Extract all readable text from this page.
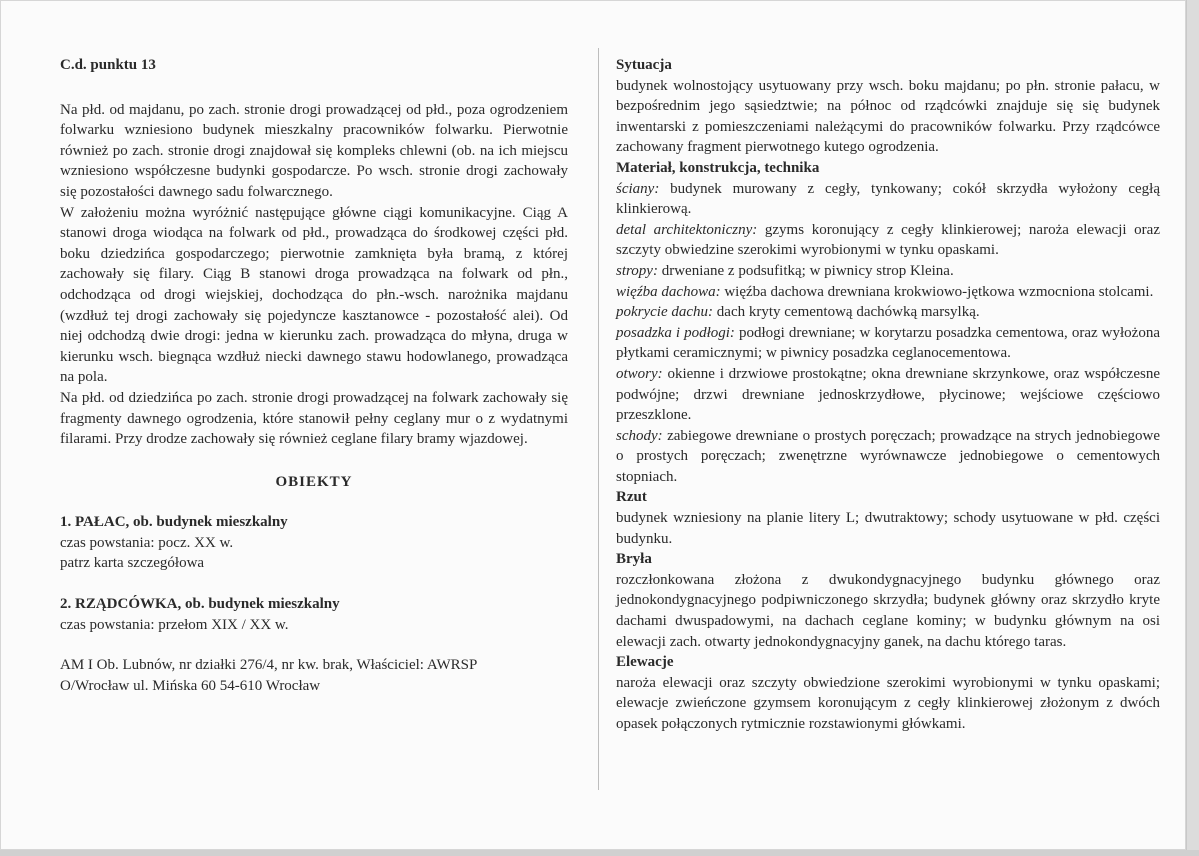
C.d. punktu 13

Na płd. od majdanu, po zach. stronie drogi prowadzącej od płd., poza ogrodzeniem folwarku wzniesiono budynek mieszkalny pracowników folwarku. Pierwotnie również po zach. stronie drogi znajdował się kompleks chlewni (ob. na ich miejscu wzniesiono współczesne budynki gospodarcze. Po wsch. stronie drogi zachowały się pozostałości dawnego sadu folwarcznego.

W założeniu można wyróżnić następujące główne ciągi komunikacyjne. Ciąg A stanowi droga wiodąca na folwark od płd., prowadząca do środkowej części płd. boku dziedzińca gospodarczego; pierwotnie zamknięta była bramą, z której zachowały się filary. Ciąg B stanowi droga prowadząca na folwark od płn., odchodząca od drogi wiejskiej, dochodząca do płn.-wsch. narożnika majdanu (wzdłuż tej drogi zachowały się pojedyncze kasztanowce - pozostałość alei). Od niej odchodzą dwie drogi: jedna w kierunku zach. prowadząca do młyna, druga w kierunku wsch. biegnąca wzdłuż niecki dawnego stawu hodowlanego, prowadząca na pola.

Na płd. od dziedzińca po zach. stronie drogi prowadzącej na folwark zachowały się fragmenty dawnego ogrodzenia, które stanowił pełny ceglany mur o z wydatnymi filarami. Przy drodze zachowały się również ceglane filary bramy wjazdowej.

OBIEKTY

1. PAŁAC, ob. budynek mieszkalny

czas powstania: pocz. XX w.

patrz karta szczegółowa

2. RZĄDCÓWKA, ob. budynek mieszkalny

czas powstania: przełom XIX / XX w.

AM I Ob. Lubnów, nr działki 276/4, nr kw. brak, Właściciel: AWRSP

O/Wrocław ul. Mińska 60 54-610 Wrocław

Sytuacja

budynek wolnostojący usytuowany przy wsch. boku majdanu; po płn. stronie pałacu, w bezpośrednim jego sąsiedztwie; na północ od rządcówki znajduje się się budynek inwentarski z pomieszczeniami należącymi do pracowników folwarku. Przy rządcówce zachowany fragment pierwotnego kutego ogrodzenia.

Materiał, konstrukcja, technika

ściany: budynek murowany z cegły, tynkowany; cokół skrzydła wyłożony cegłą klinkierową.

detal architektoniczny: gzyms koronujący z cegły klinkierowej; naroża elewacji oraz szczyty obwiedzine szerokimi wyrobionymi w tynku opaskami.

stropy: drweniane z podsufitką; w piwnicy strop Kleina.

więźba dachowa: więźba dachowa drewniana krokwiowo-jętkowa wzmocniona stolcami.

pokrycie dachu: dach kryty cementową dachówką marsylką.

posadzka i podłogi: podłogi drewniane; w korytarzu posadzka cementowa, oraz wyłożona płytkami ceramicznymi; w piwnicy posadzka ceglanocementowa.

otwory: okienne i drzwiowe prostokątne; okna drewniane skrzynkowe, oraz współczesne podwójne; drzwi drewniane jednoskrzydłowe, płycinowe; wejściowe częściowo przeszklone.

schody: zabiegowe drewniane o prostych poręczach; prowadzące na strych jednobiegowe o prostych poręczach; zwenętrzne wyrównawcze jednobiegowe o cementowych stopniach.

Rzut

budynek wzniesiony na planie litery L; dwutraktowy; schody usytuowane w płd. części budynku.

Bryła

rozczłonkowana złożona z dwukondygnacyjnego budynku głównego oraz jednokondygnacyjnego podpiwniczonego skrzydła; budynek główny oraz skrzydło kryte dachami dwuspadowymi, na dachach ceglane kominy; w budynku głównym na osi elewacji zach. otwarty jednokondygnacyjny ganek, na dachu którego taras.

Elewacje

naroża elewacji oraz szczyty obwiedzione szerokimi wyrobionymi w tynku opaskami; elewacje zwieńczone gzymsem koronującym z cegły klinkierowej złożonym z dwóch opasek połączonych rytmicznie rozstawionymi główkami.
